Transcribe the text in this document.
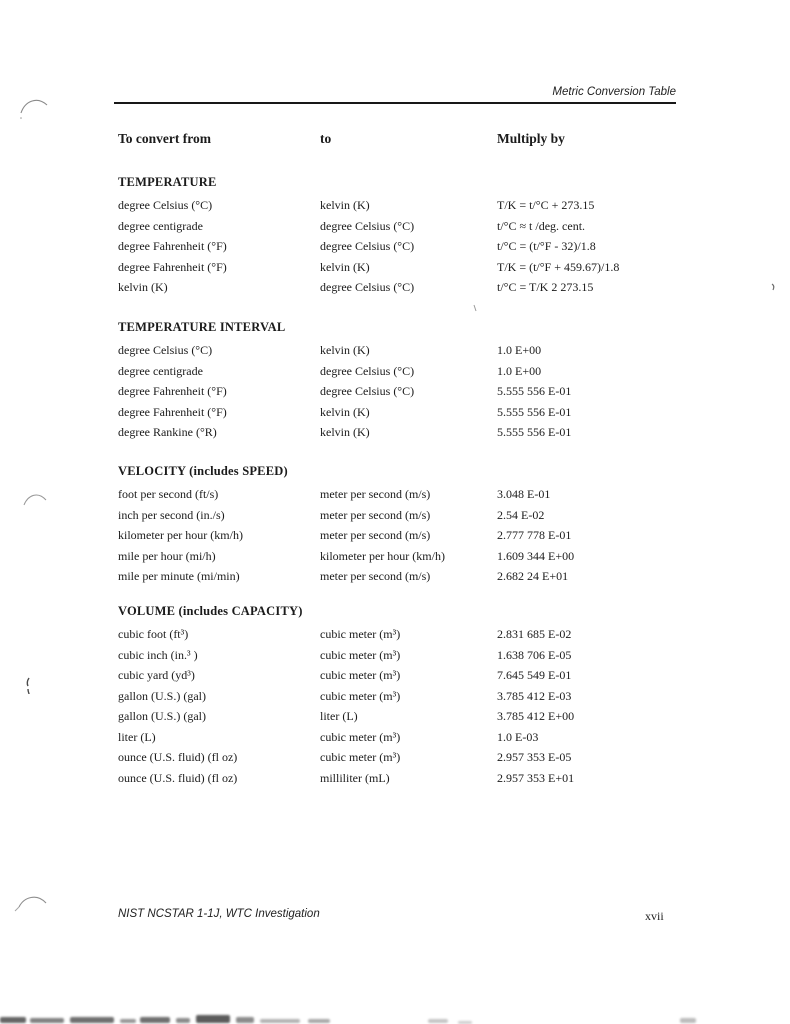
Metric Conversion Table
To convert from	to	Multiply by
TEMPERATURE
degree Celsius (°C)	kelvin (K)	T/K = t/°C + 273.15
degree centigrade	degree Celsius (°C)	t/°C ≈ t /deg. cent.
degree Fahrenheit (°F)	degree Celsius (°C)	t/°C = (t/°F - 32)/1.8
degree Fahrenheit (°F)	kelvin (K)	T/K = (t/°F + 459.67)/1.8
kelvin (K)	degree Celsius (°C)	t/°C = T/K 2 273.15
TEMPERATURE INTERVAL
degree Celsius (°C)	kelvin (K)	1.0 E+00
degree centigrade	degree Celsius (°C)	1.0 E+00
degree Fahrenheit (°F)	degree Celsius (°C)	5.555 556 E-01
degree Fahrenheit (°F)	kelvin (K)	5.555 556 E-01
degree Rankine (°R)	kelvin (K)	5.555 556 E-01
VELOCITY (includes SPEED)
foot per second (ft/s)	meter per second (m/s)	3.048 E-01
inch per second (in./s)	meter per second (m/s)	2.54 E-02
kilometer per hour (km/h)	meter per second (m/s)	2.777 778 E-01
mile per hour (mi/h)	kilometer per hour (km/h)	1.609 344 E+00
mile per minute (mi/min)	meter per second (m/s)	2.682 24 E+01
VOLUME (includes CAPACITY)
cubic foot (ft³)	cubic meter (m³)	2.831 685 E-02
cubic inch (in.³ )	cubic meter (m³)	1.638 706 E-05
cubic yard (yd³)	cubic meter (m³)	7.645 549 E-01
gallon (U.S.) (gal)	cubic meter (m³)	3.785 412 E-03
gallon (U.S.) (gal)	liter (L)	3.785 412 E+00
liter (L)	cubic meter (m³)	1.0 E-03
ounce (U.S. fluid) (fl oz)	cubic meter (m³)	2.957 353 E-05
ounce (U.S. fluid) (fl oz)	milliliter (mL)	2.957 353 E+01
NIST NCSTAR 1-1J, WTC Investigation	xvii
